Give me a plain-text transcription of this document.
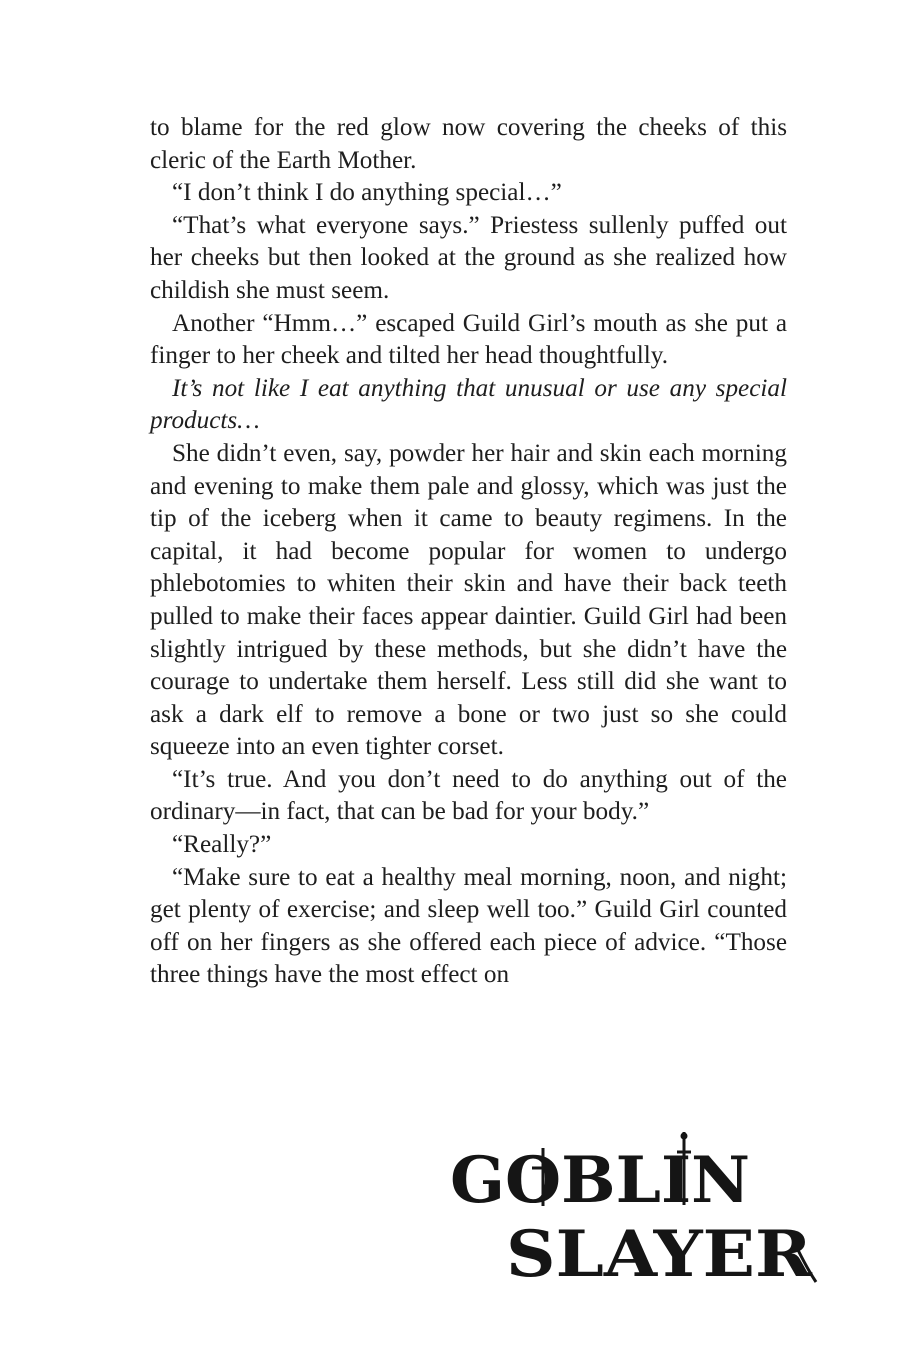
to blame for the red glow now covering the cheeks of this cleric of the Earth Mother.

“I don’t think I do anything special…”

“That’s what everyone says.” Priestess sullenly puffed out her cheeks but then looked at the ground as she realized how childish she must seem.

Another “Hmm…” escaped Guild Girl’s mouth as she put a finger to her cheek and tilted her head thoughtfully.

It’s not like I eat anything that unusual or use any special products…

She didn’t even, say, powder her hair and skin each morning and evening to make them pale and glossy, which was just the tip of the iceberg when it came to beauty regimens. In the capital, it had become popular for women to undergo phlebotomies to whiten their skin and have their back teeth pulled to make their faces appear daintier. Guild Girl had been slightly intrigued by these methods, but she didn’t have the courage to undertake them herself. Less still did she want to ask a dark elf to remove a bone or two just so she could squeeze into an even tighter corset.

“It’s true. And you don’t need to do anything out of the ordinary—in fact, that can be bad for your body.”

“Really?”

“Make sure to eat a healthy meal morning, noon, and night; get plenty of exercise; and sleep well too.” Guild Girl counted off on her fingers as she offered each piece of advice. “Those three things have the most effect on

GOBLIN
SLAYER
